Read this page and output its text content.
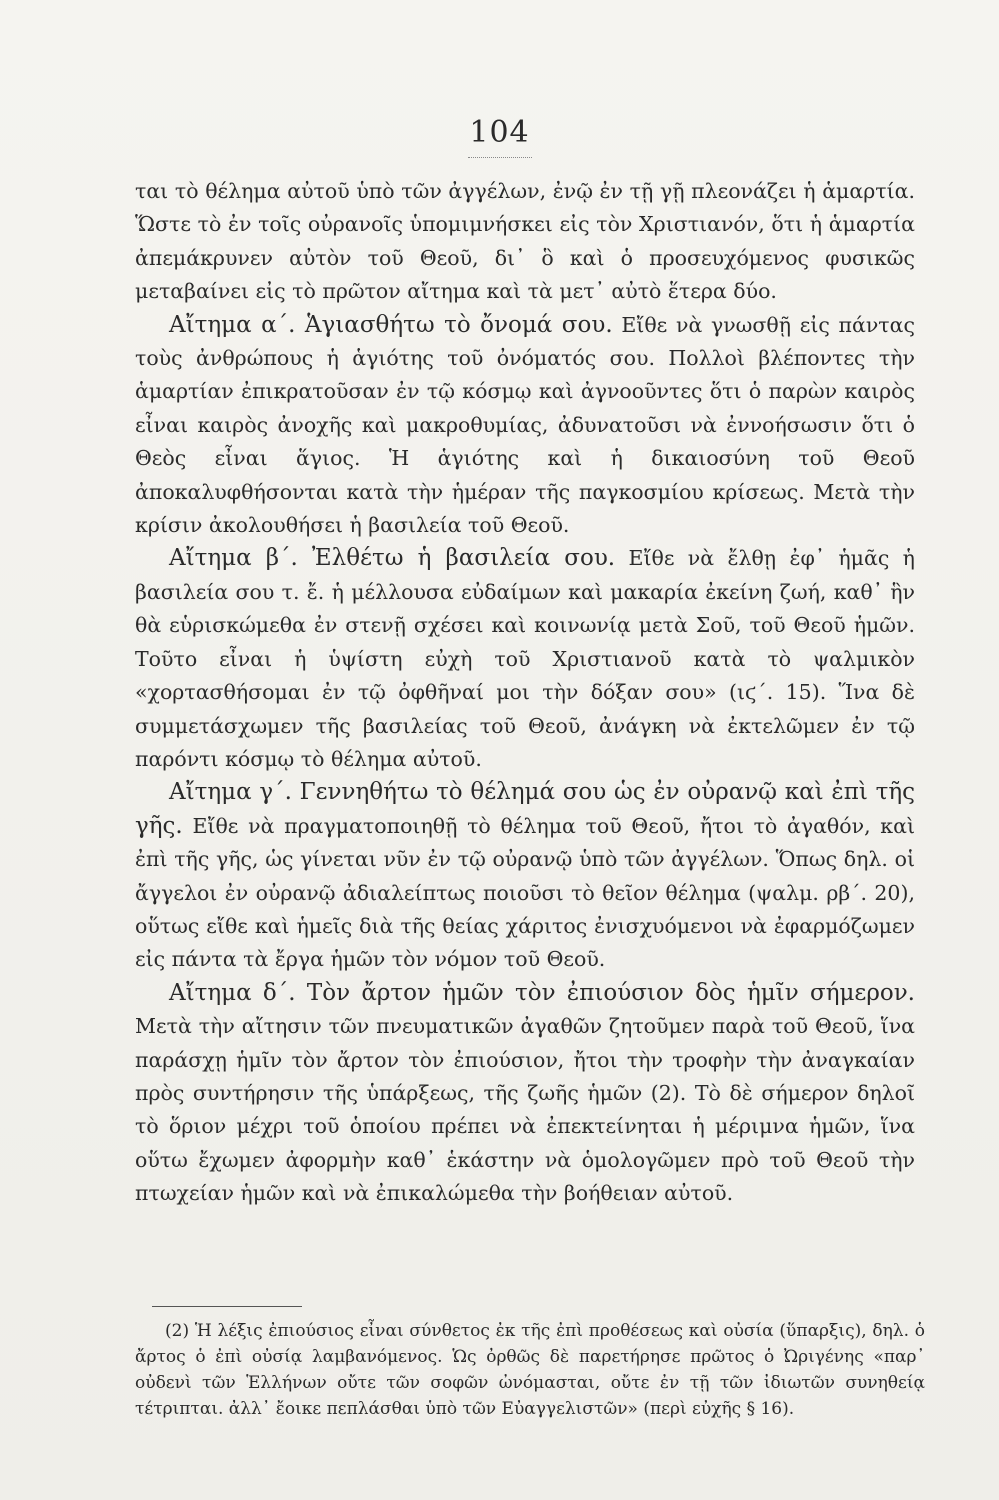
104

ται τὸ θέλημα αὐτοῦ ὑπὸ τῶν ἀγγέλων, ἐνῷ ἐν τῇ γῇ πλεονάζει ἡ ἁμαρτία. Ὥστε τὸ ἐν τοῖς οὐρανοῖς ὑπομιμνήσκει εἰς τὸν Χριστιανόν, ὅτι ἡ ἁμαρτία ἀπεμάκρυνεν αὐτὸν τοῦ Θεοῦ, δι᾽ ὃ καὶ ὁ προσευχόμενος φυσικῶς μεταβαίνει εἰς τὸ πρῶτον αἴτημα καὶ τὰ μετ᾽ αὐτὸ ἕτερα δύο.

Αἴτημα α΄. Ἁγιασθήτω τὸ ὄνομά σου. Εἴθε νὰ γνωσθῇ εἰς πάντας τοὺς ἀνθρώπους ἡ ἁγιότης τοῦ ὀνόματός σου. Πολλοὶ βλέποντες τὴν ἁμαρτίαν ἐπικρατοῦσαν ἐν τῷ κόσμῳ καὶ ἀγνοοῦντες ὅτι ὁ παρὼν καιρὸς εἶναι καιρὸς ἀνοχῆς καὶ μακροθυμίας, ἀδυνατοῦσι νὰ ἐννοήσωσιν ὅτι ὁ Θεὸς εἶναι ἅγιος. Ἡ ἁγιότης καὶ ἡ δικαιοσύνη τοῦ Θεοῦ ἀποκαλυφθήσονται κατὰ τὴν ἡμέραν τῆς παγκοσμίου κρίσεως. Μετὰ τὴν κρίσιν ἀκολουθήσει ἡ βασιλεία τοῦ Θεοῦ.

Αἴτημα β΄. Ἐλθέτω ἡ βασιλεία σου. Εἴθε νὰ ἔλθῃ ἐφ᾽ ἡμᾶς ἡ βασιλεία σου τ. ἔ. ἡ μέλλουσα εὐδαίμων καὶ μακαρία ἐκείνη ζωή, καθ᾽ ἣν θὰ εὑρισκώμεθα ἐν στενῇ σχέσει καὶ κοινωνίᾳ μετὰ Σοῦ, τοῦ Θεοῦ ἡμῶν. Τοῦτο εἶναι ἡ ὑψίστη εὐχὴ τοῦ Χριστιανοῦ κατὰ τὸ ψαλμικὸν «χορτασθήσομαι ἐν τῷ ὀφθῆναί μοι τὴν δόξαν σου» (ιϛ΄. 15). Ἵνα δὲ συμμετάσχωμεν τῆς βασιλείας τοῦ Θεοῦ, ἀνάγκη νὰ ἐκτελῶμεν ἐν τῷ παρόντι κόσμῳ τὸ θέλημα αὐτοῦ.

Αἴτημα γ΄. Γεννηθήτω τὸ θέλημά σου ὡς ἐν οὐρανῷ καὶ ἐπὶ τῆς γῆς. Εἴθε νὰ πραγματοποιηθῇ τὸ θέλημα τοῦ Θεοῦ, ἤτοι τὸ ἀγαθόν, καὶ ἐπὶ τῆς γῆς, ὡς γίνεται νῦν ἐν τῷ οὐρανῷ ὑπὸ τῶν ἀγγέλων. Ὅπως δηλ. οἱ ἄγγελοι ἐν οὐρανῷ ἀδιαλείπτως ποιοῦσι τὸ θεῖον θέλημα (ψαλμ. ρβ΄. 20), οὕτως εἴθε καὶ ἡμεῖς διὰ τῆς θείας χάριτος ἐνισχυόμενοι νὰ ἐφαρμόζωμεν εἰς πάντα τὰ ἔργα ἡμῶν τὸν νόμον τοῦ Θεοῦ.

Αἴτημα δ΄. Τὸν ἄρτον ἡμῶν τὸν ἐπιούσιον δὸς ἡμῖν σήμερον. Μετὰ τὴν αἴτησιν τῶν πνευματικῶν ἀγαθῶν ζητοῦμεν παρὰ τοῦ Θεοῦ, ἵνα παράσχῃ ἡμῖν τὸν ἄρτον τὸν ἐπιούσιον, ἤτοι τὴν τροφὴν τὴν ἀναγκαίαν πρὸς συντήρησιν τῆς ὑπάρξεως, τῆς ζωῆς ἡμῶν (2). Τὸ δὲ σήμερον δηλοῖ τὸ ὅριον μέχρι τοῦ ὁποίου πρέπει νὰ ἐπεκτείνηται ἡ μέριμνα ἡμῶν, ἵνα οὕτω ἔχωμεν ἀφορμὴν καθ᾽ ἑκάστην νὰ ὁμολογῶμεν πρὸ τοῦ Θεοῦ τὴν πτωχείαν ἡμῶν καὶ νὰ ἐπικαλώμεθα τὴν βοήθειαν αὐτοῦ.

(2) Ἡ λέξις ἐπιούσιος εἶναι σύνθετος ἐκ τῆς ἐπὶ προθέσεως καὶ οὐσία (ὕπαρξις), δηλ. ὁ ἄρτος ὁ ἐπὶ οὐσίᾳ λαμβανόμενος. Ὡς ὀρθῶς δὲ παρετήρησε πρῶτος ὁ Ὠριγένης «παρ᾽ οὐδενὶ τῶν Ἑλλήνων οὔτε τῶν σοφῶν ὠνόμασται, οὔτε ἐν τῇ τῶν ἰδιωτῶν συνηθείᾳ τέτριπται. ἀλλ᾽ ἔοικε πεπλάσθαι ὑπὸ τῶν Εὐαγγελιστῶν» (περὶ εὐχῆς § 16).
